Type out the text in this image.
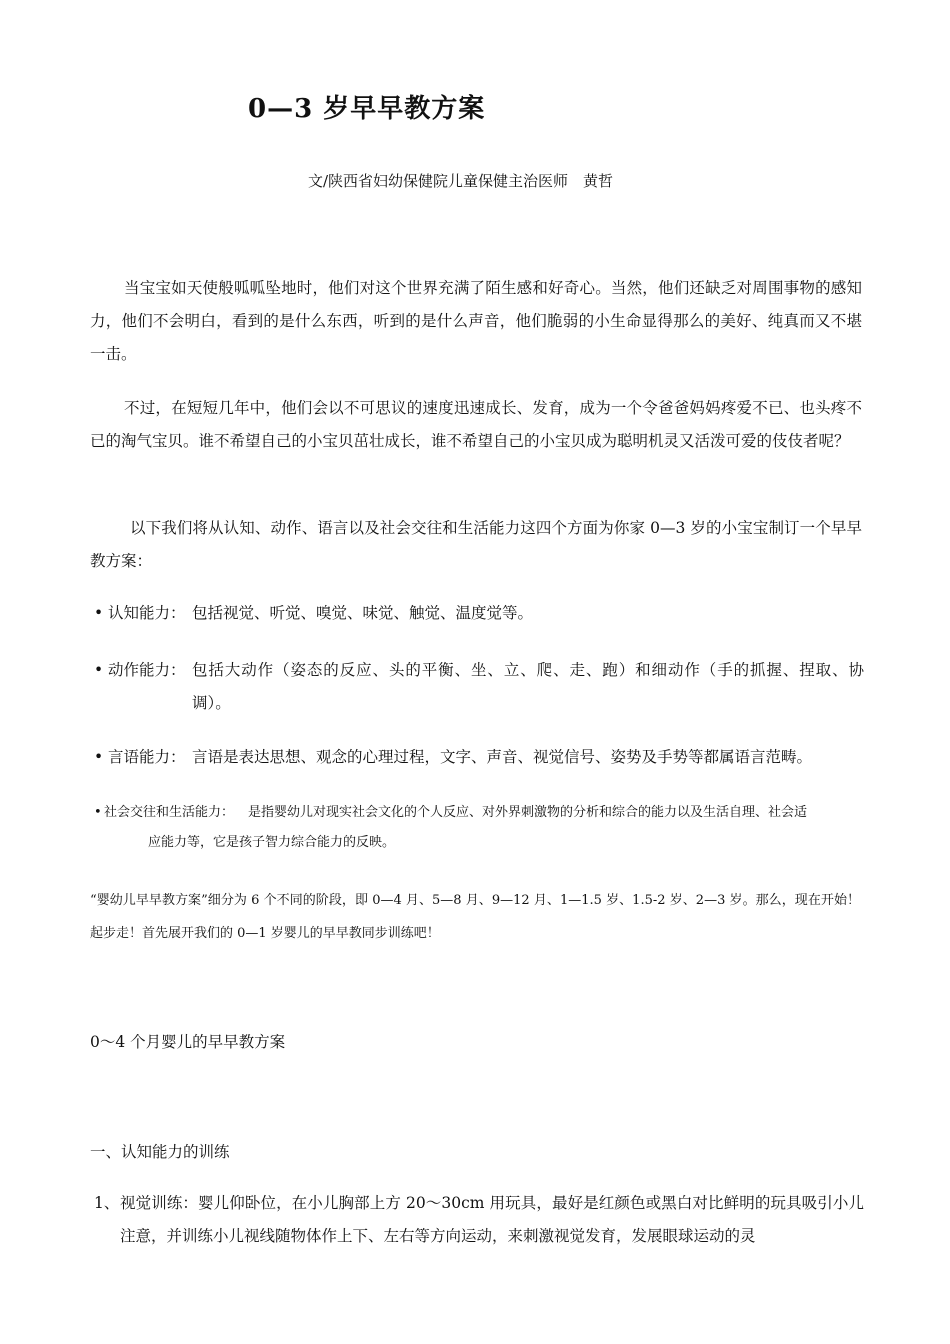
0—3 岁早早教方案
文/陕西省妇幼保健院儿童保健主治医师　黄哲
当宝宝如天使般呱呱坠地时，他们对这个世界充满了陌生感和好奇心。当然，他们还缺乏对周围事物的感知力，他们不会明白，看到的是什么东西，听到的是什么声音，他们脆弱的小生命显得那么的美好、纯真而又不堪一击。
不过，在短短几年中，他们会以不可思议的速度迅速成长、发育，成为一个令爸爸妈妈疼爱不已、也头疼不已的淘气宝贝。谁不希望自己的小宝贝茁壮成长，谁不希望自己的小宝贝成为聪明机灵又活泼可爱的伎伎者呢？
以下我们将从认知、动作、语言以及社会交往和生活能力这四个方面为你家 0—3 岁的小宝宝制订一个早早教方案：
• 认知能力： 包括视觉、听觉、嗅觉、味觉、触觉、温度觉等。
• 动作能力： 包括大动作（姿态的反应、头的平衡、坐、立、爬、走、跑）和细动作（手的抓握、捏取、协调）。
• 言语能力： 言语是表达思想、观念的心理过程，文字、声音、视觉信号、姿势及手势等都属语言范畴。
• 社会交往和生活能力：	是指婴幼儿对现实社会文化的个人反应、对外界刺激物的分析和综合的能力以及生活自理、社会适
应能力等，它是孩子智力综合能力的反映。
“婴幼儿早早教方案”细分为 6 个不同的阶段，即 0—4 月、5—8 月、9—12 月、1—1.5 岁、1.5-2 岁、2—3 岁。那么，现在开始！起步走！首先展开我们的 0—1 岁婴儿的早早教同步训练吧！
0～4 个月婴儿的早早教方案
一、认知能力的训练
1、 视觉训练：婴儿仰卧位，在小儿胸部上方 20～30cm 用玩具，最好是红颜色或黑白对比鲜明的玩具吸引小儿注意，并训练小儿视线随物体作上下、左右等方向运动，来刺激视觉发育，发展眼球运动的灵
